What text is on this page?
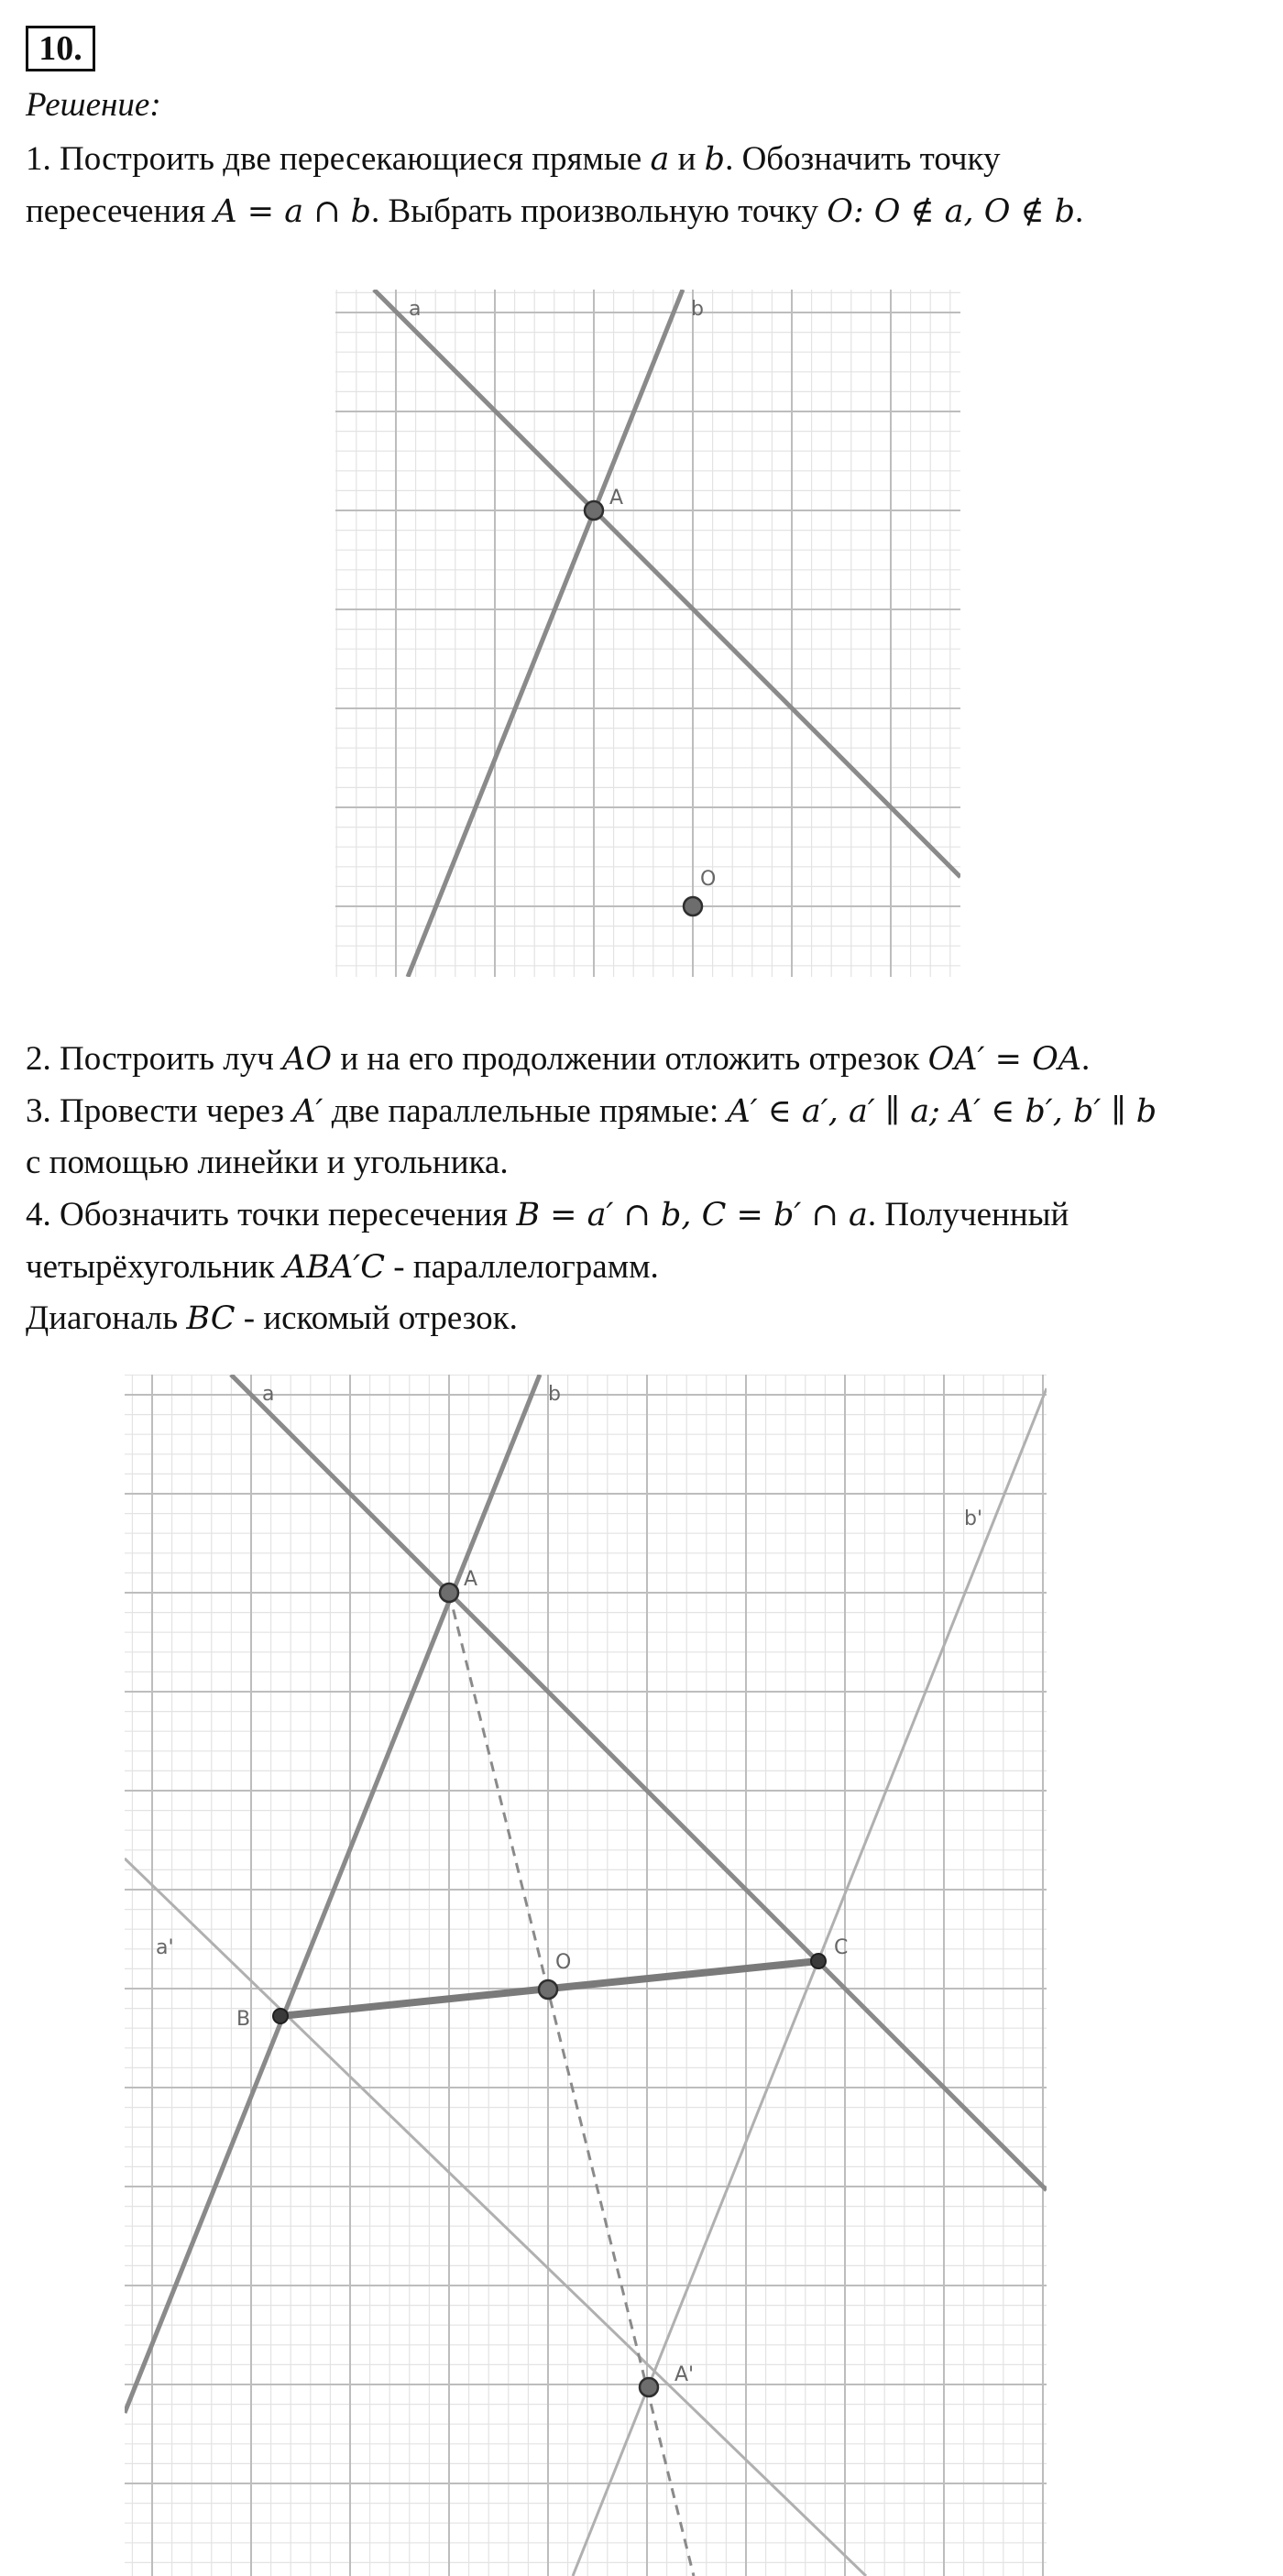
10.
Решение:
1. Построить две пересекающиеся прямые a и b. Обозначить точку
пересечения A = a ∩ b. Выбрать произвольную точку O: O ∉ a, O ∉ b.
a	b
A
O
2. Построить луч AO и на его продолжении отложить отрезок OA′ = OA.
3. Провести через A′ две параллельные прямые: A′ ∈ a′, a′ ∥ a; A′ ∈ b′, b′ ∥ b
с помощью линейки и угольника.
4. Обозначить точки пересечения B = a′ ∩ b, C = b′ ∩ a. Полученный
четырёхугольник ABA′C - параллелограмм.
Диагональ BC - искомый отрезок.
a	b
b'
a'
A
O
B
C
A'
